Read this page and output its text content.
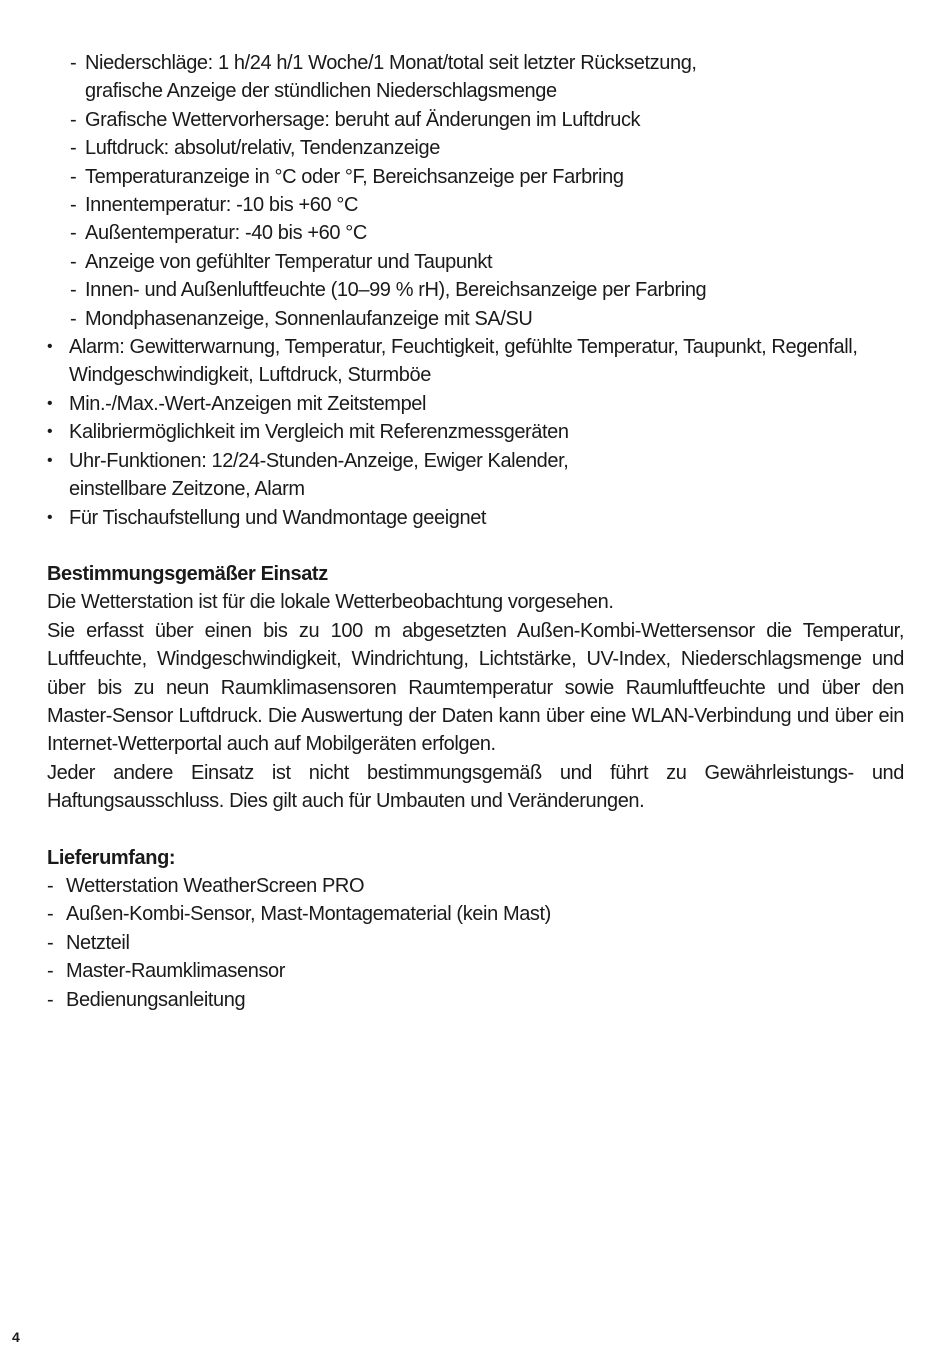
- Niederschläge: 1 h/24 h/1 Woche/1 Monat/total seit letzter Rücksetzung,
grafische Anzeige der stündlichen Niederschlagsmenge
- Grafische Wettervorhersage: beruht auf Änderungen im Luftdruck
- Luftdruck: absolut/relativ, Tendenzanzeige
- Temperaturanzeige in °C oder °F, Bereichsanzeige per Farbring
- Innentemperatur: -10 bis +60 °C
- Außentemperatur: -40 bis +60 °C
- Anzeige von gefühlter Temperatur und Taupunkt
- Innen- und Außenluftfeuchte (10–99 % rH), Bereichsanzeige per Farbring
- Mondphasenanzeige, Sonnenlaufanzeige mit SA/SU
• Alarm: Gewitterwarnung, Temperatur, Feuchtigkeit, gefühlte Temperatur, Taupunkt, Regenfall,
Windgeschwindigkeit, Luftdruck, Sturmböe
• Min.-/Max.-Wert-Anzeigen mit Zeitstempel
• Kalibriermöglichkeit im Vergleich mit Referenzmessgeräten
• Uhr-Funktionen: 12/24-Stunden-Anzeige, Ewiger Kalender,
einstellbare Zeitzone, Alarm
• Für Tischaufstellung und Wandmontage geeignet

Bestimmungsgemäßer Einsatz

Die Wetterstation ist für die lokale Wetterbeobachtung vorgesehen.

Sie erfasst über einen bis zu 100 m abgesetzten Außen-Kombi-Wettersensor die Temperatur, Luftfeuchte, Windgeschwindigkeit, Windrichtung, Lichtstärke, UV-Index, Niederschlagsmenge und über bis zu neun Raumklimasensoren Raumtemperatur sowie Raumluftfeuchte und über den Master-Sensor Luftdruck. Die Auswertung der Daten kann über eine WLAN-Verbindung und über ein Internet-Wetterportal auch auf Mobilgeräten erfolgen.

Jeder andere Einsatz ist nicht bestimmungsgemäß und führt zu Gewährleistungs- und Haftungsausschluss. Dies gilt auch für Umbauten und Veränderungen.

Lieferumfang:

- Wetterstation WeatherScreen PRO
- Außen-Kombi-Sensor, Mast-Montagematerial (kein Mast)
- Netzteil
- Master-Raumklimasensor
- Bedienungsanleitung
4
